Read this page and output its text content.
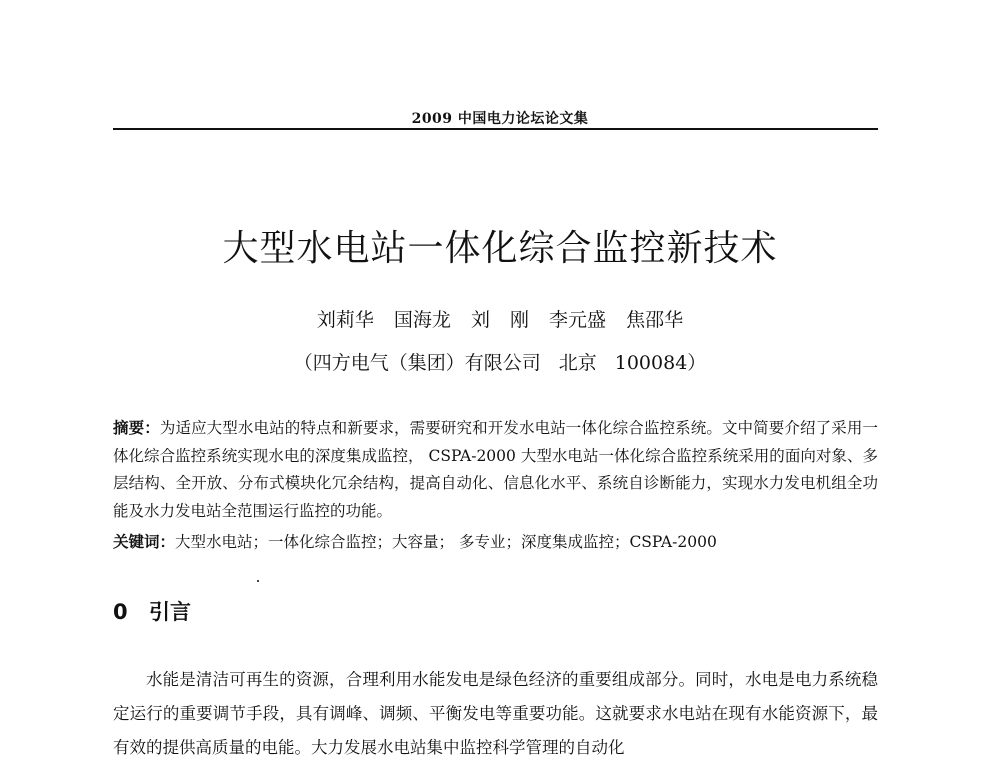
2009 中国电力论坛论文集
大型水电站一体化综合监控新技术
刘莉华 国海龙 刘 刚 李元盛 焦邵华
（四方电气（集团）有限公司 北京 100084）

摘要：为适应大型水电站的特点和新要求，需要研究和开发水电站一体化综合监控系统。文中简要介绍了采用一体化综合监控系统实现水电的深度集成监控， CSPA-2000 大型水电站一体化综合监控系统采用的面向对象、多层结构、全开放、分布式模块化冗余结构，提高自动化、信息化水平、系统自诊断能力，实现水力发电机组全功能及水力发电站全范围运行监控的功能。

关键词：大型水电站；一体化综合监控；大容量； 多专业；深度集成监控；CSPA-2000

0 引言

水能是清洁可再生的资源，合理利用水能发电是绿色经济的重要组成部分。同时，水电是电力系统稳定运行的重要调节手段，具有调峰、调频、平衡发电等重要功能。这就要求水电站在现有水能资源下，最有效的提供高质量的电能。大力发展水电站集中监控科学管理的自动化
